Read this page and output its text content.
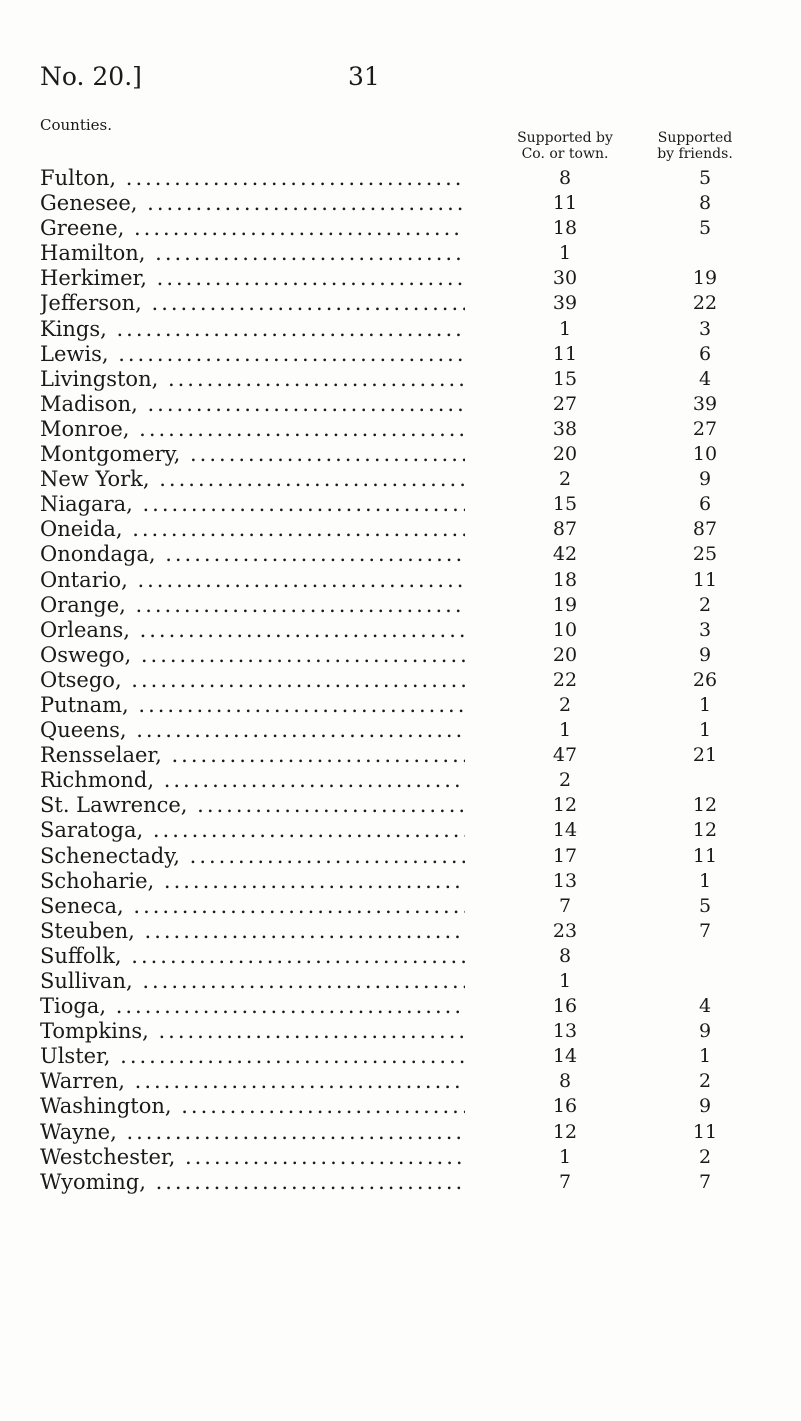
No. 20.]	31
Counties.
Supported by
Co. or town.
Supported
by friends.
Fulton, .....	8	5
Genesee, .....	11	8
Greene, .....	18	5
Hamilton, .....	1
Herkimer, .....	30	19
Jefferson, .....	39	22
Kings, .....	1	3
Lewis, .....	11	6
Livingston, .....	15	4
Madison, .....	27	39
Monroe, .....	38	27
Montgomery, .....	20	10
New York, .....	2	9
Niagara, .....	15	6
Oneida, .....	87	87
Onondaga, .....	42	25
Ontario, .....	18	11
Orange, .....	19	2
Orleans, .....	10	3
Oswego, .....	20	9
Otsego, .....	22	26
Putnam, .....	2	1
Queens, .....	1	1
Rensselaer, .....	47	21
Richmond, .....	2
St. Lawrence, .....	12	12
Saratoga, .....	14	12
Schenectady, .....	17	11
Schoharie, .....	13	1
Seneca, .....	7	5
Steuben, .....	23	7
Suffolk, .....	8
Sullivan, .....	1
Tioga, .....	16	4
Tompkins, .....	13	9
Ulster, .....	14	1
Warren, .....	8	2
Washington, .....	16	9
Wayne, .....	12	11
Westchester, .....	1	2
Wyoming, .....	7	7
